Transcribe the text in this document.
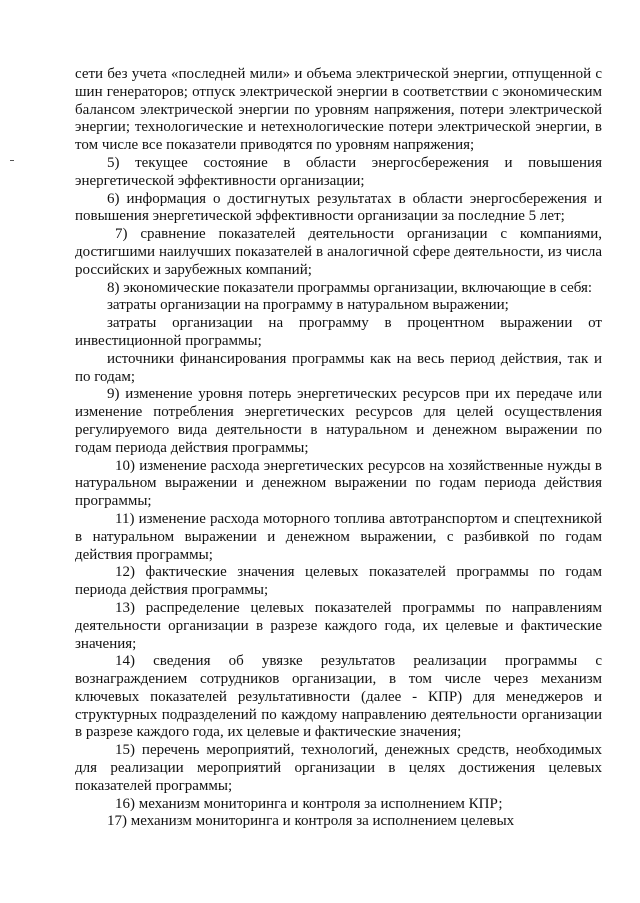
сети без учета «последней мили» и объема электрической энергии, отпущенной с шин генераторов; отпуск электрической энергии в соответствии с экономическим балансом электрической энергии по уровням напряжения, потери электрической энергии; технологические и нетехнологические потери электрической энергии, в том числе все показатели приводятся по уровням напряжения;

5) текущее состояние в области энергосбережения и повышения энергетической эффективности организации;

6) информация о достигнутых результатах в области энергосбережения и повышения энергетической эффективности организации за последние 5 лет;

7) сравнение показателей деятельности организации с компаниями, достигшими наилучших показателей в аналогичной сфере деятельности, из числа российских и зарубежных компаний;

8) экономические показатели программы организации, включающие в себя:

затраты организации на программу в натуральном выражении;

затраты организации на программу в процентном выражении от инвестиционной программы;

источники финансирования программы как на весь период действия, так и по годам;

9) изменение уровня потерь энергетических ресурсов при их передаче или изменение потребления энергетических ресурсов для целей осуществления регулируемого вида деятельности в натуральном и денежном выражении по годам периода действия программы;

10) изменение расхода энергетических ресурсов на хозяйственные нужды в натуральном выражении и денежном выражении по годам периода действия программы;

11) изменение расхода моторного топлива автотранспортом и спецтехникой в натуральном выражении и денежном выражении, с разбивкой по годам действия программы;

12) фактические значения целевых показателей программы по годам периода действия программы;

13) распределение целевых показателей программы по направлениям деятельности организации в разрезе каждого года, их целевые и фактические значения;

14) сведения об увязке результатов реализации программы с вознаграждением сотрудников организации, в том числе через механизм ключевых показателей результативности (далее - КПР) для менеджеров и структурных подразделений по каждому направлению деятельности организации в разрезе каждого года, их целевые и фактические значения;

15) перечень мероприятий, технологий, денежных средств, необходимых для реализации мероприятий организации в целях достижения целевых показателей программы;

16) механизм мониторинга и контроля за исполнением КПР;

17) механизм мониторинга и контроля за исполнением целевых
